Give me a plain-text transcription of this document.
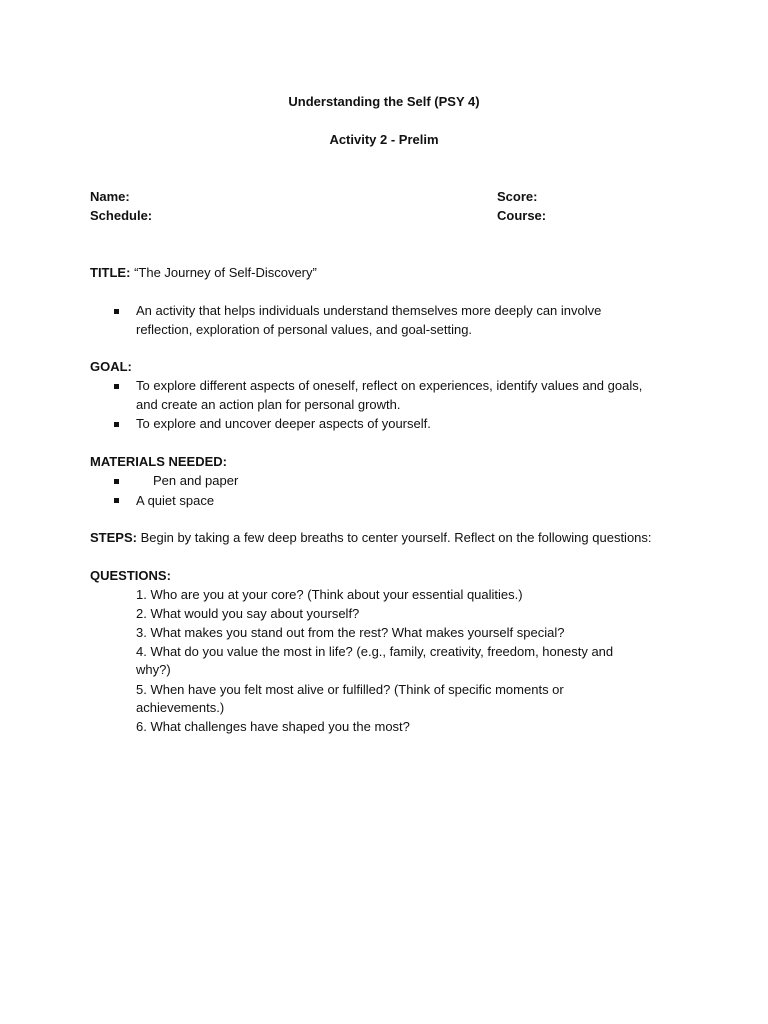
Understanding the Self (PSY 4)
Activity 2 - Prelim
Name:
Schedule:
Score:
Course:
TITLE: “The Journey of Self-Discovery”
An activity that helps individuals understand themselves more deeply can involve
reflection, exploration of personal values, and goal-setting.
GOAL:
To explore different aspects of oneself, reflect on experiences, identify values and goals,
and create an action plan for personal growth.
To explore and uncover deeper aspects of yourself.
MATERIALS NEEDED:
Pen and paper
A quiet space
STEPS: Begin by taking a few deep breaths to center yourself. Reflect on the following questions:
QUESTIONS:
1. Who are you at your core? (Think about your essential qualities.)
2. What would you say about yourself?
3. What makes you stand out from the rest? What makes yourself special?
4. What do you value the most in life? (e.g., family, creativity, freedom, honesty and
why?)
5. When have you felt most alive or fulfilled? (Think of specific moments or
achievements.)
6. What challenges have shaped you the most?
